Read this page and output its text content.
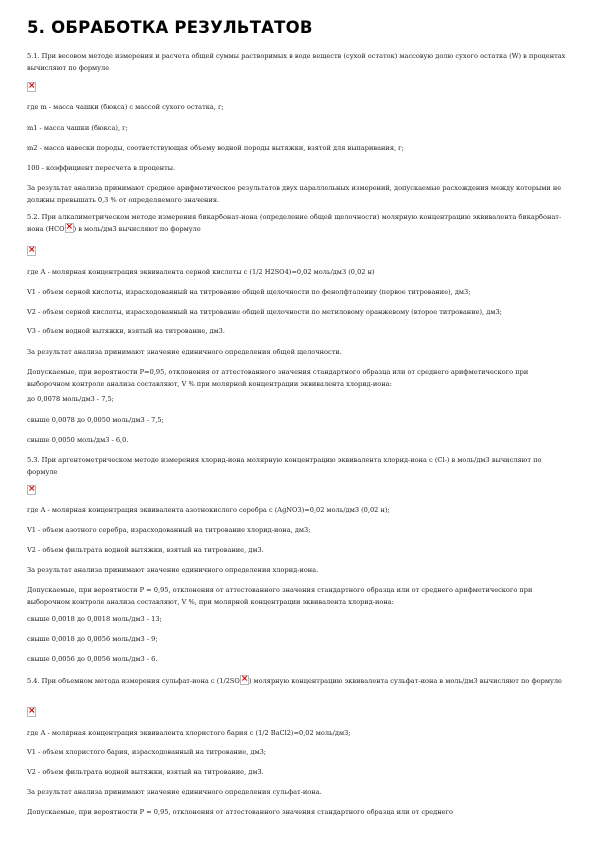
5. ОБРАБОТКА РЕЗУЛЬТАТОВ

5.1. При весовом методе измерения и расчета общей суммы растворимых в воде веществ (сухой остаток) массовую долю сухого остатка (W) в процентах вычисляют по формуле

×

где m - масса чашки (бюкса) с массой сухого остатка, г;

m1 - масса чашки (бюкса), г;

m2 - масса навески породы, соответствующая объему водной породы вытяжки, взятой для выпаривания, г;

100 - коэффициент пересчета в проценты.

За результат анализа принимают среднее арифметическое результатов двух параллельных измерений, допускаемые расхождения между которыми не должны превышать 0,3 % от определяемого значения.

5.2. При алкалиметрическом методе измерения бикарбонат-иона (определение общей щелочности) молярную концентрацию эквивалента бикарбонат-иона (HCO × ) в моль/дм3 вычисляют по формуле

×

где А - молярная концентрация эквивалента серной кислоты с (1/2 H2SO4)=0,02 моль/дм3 (0,02 н)

V1 - объем серной кислоты, израсходованный на титрование общей щелочности по фенолфталеину (первое титрование), дм3;

V2 - объем серной кислоты, израсходованный на титрование общей щелочности по метиловому оранжевому (второе титрование), дм3;

V3 - объем водной вытяжки, взятый на титрование, дм3.

За результат анализа принимают значение единичного определения общей щелочности.

Допускаемые, при вероятности P=0,95, отклонения от аттестованного значения стандартного образца или от среднего арифметического при выборочном контроле анализа составляют, V % при молярной концентрации эквивалента хлорид-иона:

до 0,0078 моль/дм3 - 7,5;

свыше 0,0078 до 0,0050 моль/дм3 - 7,5;

свыше 0,0050 моль/дм3 - 6,0.

5.3. При аргентометрическом методе измерения хлорид-иона молярную концентрацию эквивалента хлорид-иона с (Cl-) в моль/дм3 вычисляют по формуле

×

где А - молярная концентрация эквивалента азотнокислого серебра с (AgNO3)=0,02 моль/дм3 (0,02 н);

V1 - объем азотного серебра, израсходованный на титрование хлорид-иона, дм3;

V2 - объем фильтрата водной вытяжки, взятый на титрование, дм3.

За результат анализа принимают значение единичного определения хлорид-иона.

Допускаемые, при вероятности P = 0,95, отклонения от аттестованного значения стандартного образца или от среднего арифметического при выборочном контроле анализа составляют, V %, при молярной концентрации эквивалента хлорид-иона:

свыше 0,0018 до 0,0018 моль/дм3 - 13;

свыше 0,0018 до 0,0056 моль/дм3 - 9;

свыше 0,0056 до 0,0056 моль/дм3 - 6.

5.4. При объемном метода измерения сульфат-иона с (1/2SO × ) молярную концентрацию эквивалента сульфат-иона в моль/дм3 вычисляют по формуле

×

где А - молярная концентрация эквивалента хлористого бария с (1/2 BaCl2)=0,02 моль/дм3;

V1 - объем хлористого бария, израсходованный на титрование, дм3;

V2 - объем фильтрата водной вытяжки, взятый на титрование, дм3.

За результат анализа принимают значение единичного определения сульфат-иона.

Допускаемые, при вероятности P = 0,95, отклонения от аттестованного значения стандартного образца или от среднего
